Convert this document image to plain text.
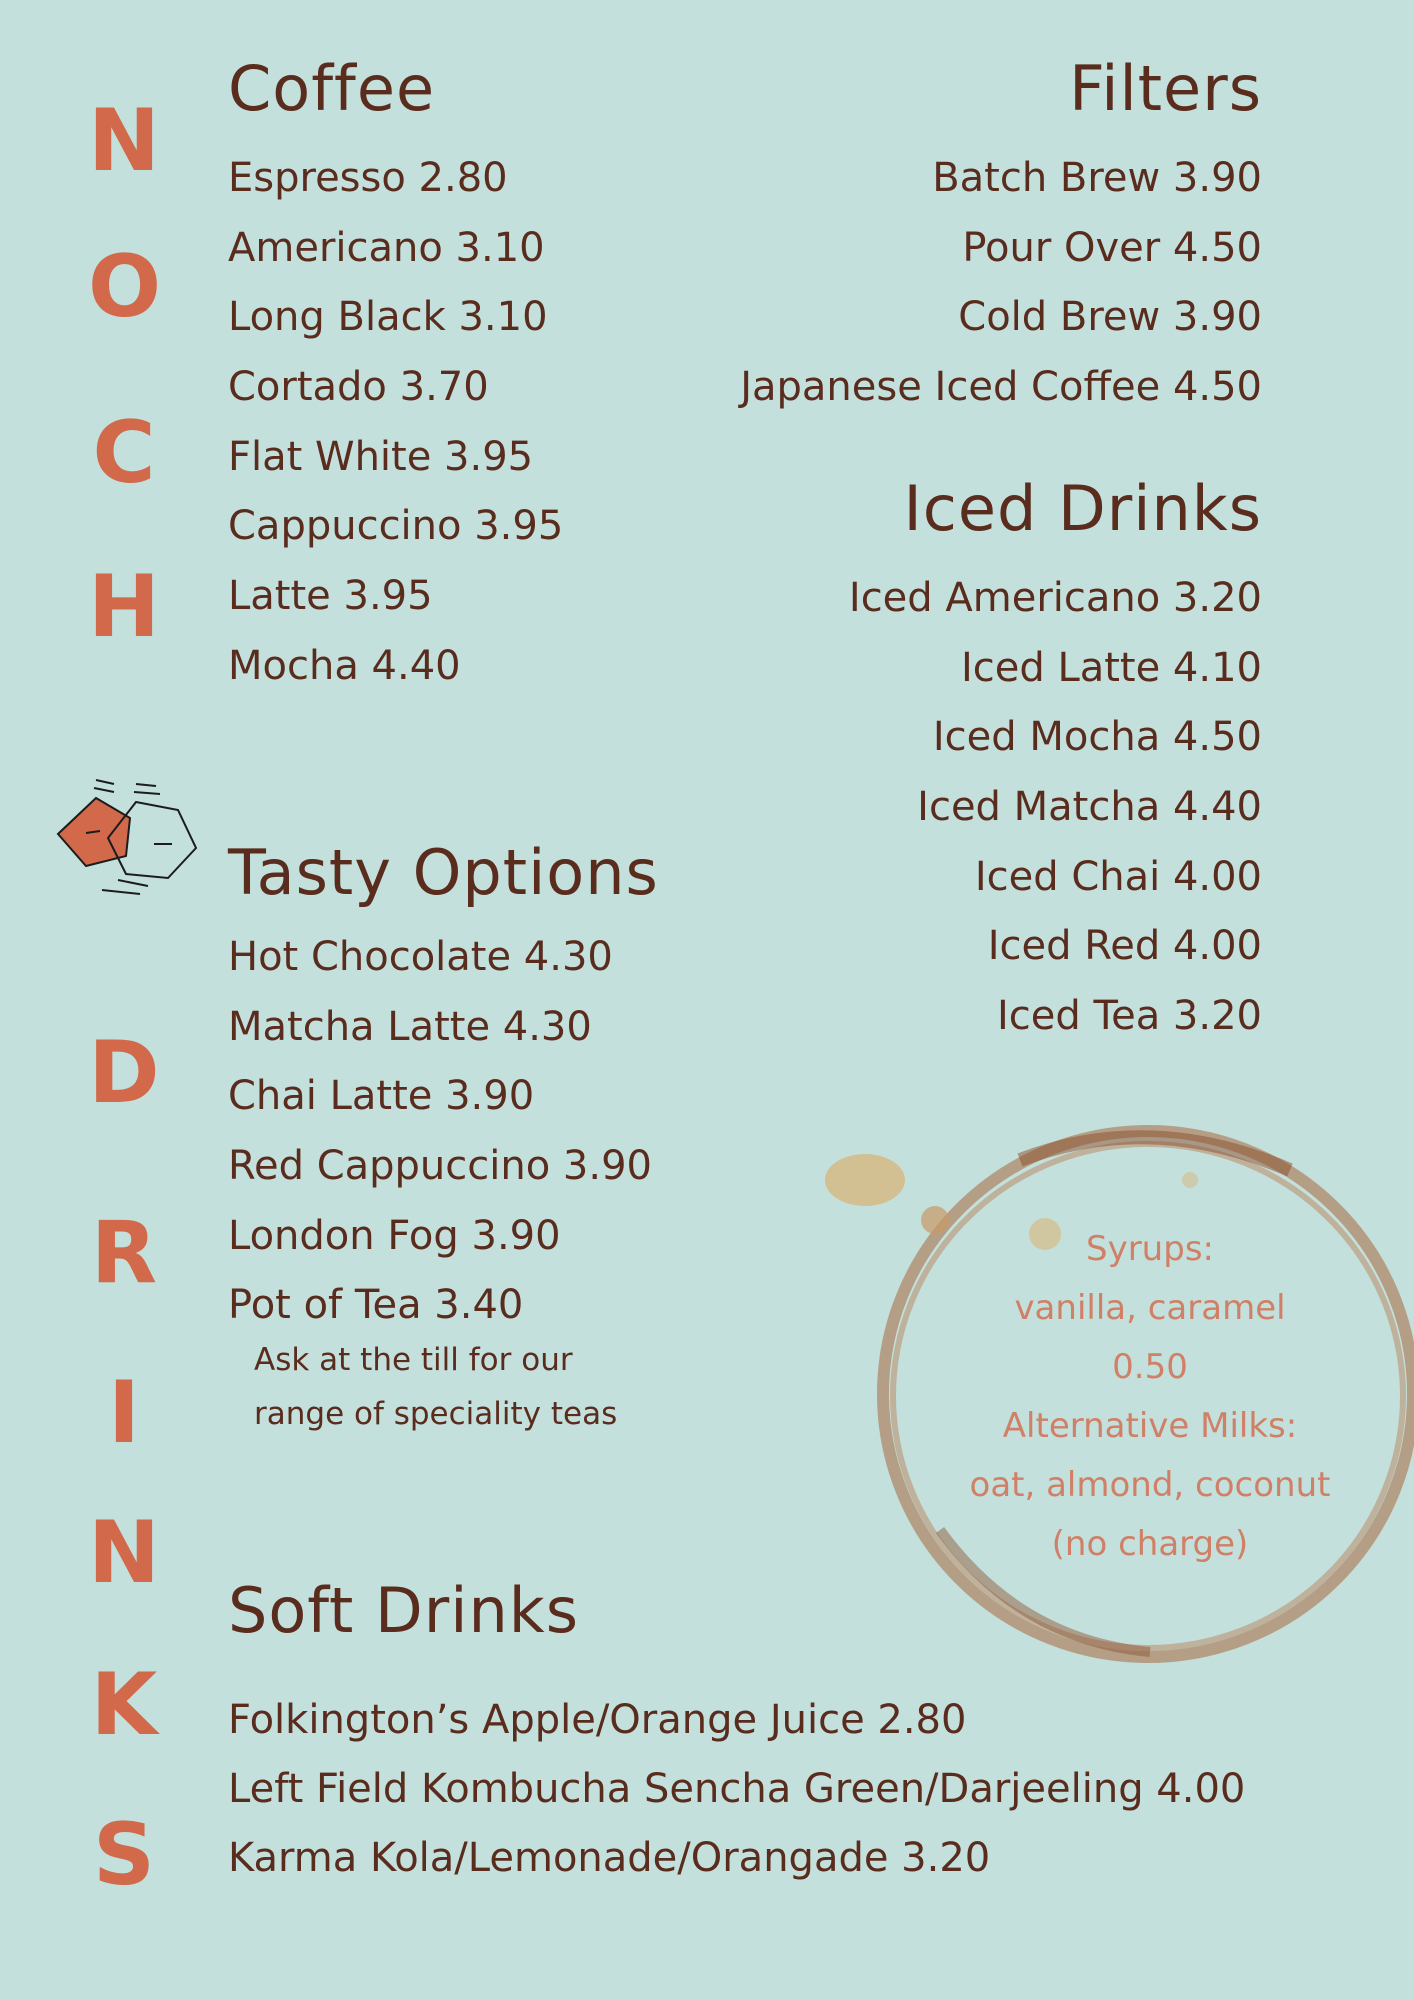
N
O
C
H
D
R
I
N
K
S
Coffee
Espresso 2.80
Americano 3.10
Long Black 3.10
Cortado 3.70
Flat White 3.95
Cappuccino 3.95
Latte 3.95
Mocha 4.40
Filters
Batch Brew 3.90
Pour Over 4.50
Cold Brew 3.90
Japanese Iced Coffee 4.50
Iced Drinks
Iced Americano 3.20
Iced Latte 4.10
Iced Mocha 4.50
Iced Matcha 4.40
Iced Chai 4.00
Iced Red 4.00
Iced Tea 3.20
Tasty Options
Hot Chocolate 4.30
Matcha Latte 4.30
Chai Latte 3.90
Red Cappuccino 3.90
London Fog 3.90
Pot of Tea 3.40
Ask at the till for our
range of speciality teas
Soft Drinks
Folkington’s Apple/Orange Juice 2.80
Left Field Kombucha Sencha Green/Darjeeling 4.00
Karma Kola/Lemonade/Orangade 3.20
Syrups:
vanilla, caramel
0.50
Alternative Milks:
oat, almond, coconut
(no charge)
